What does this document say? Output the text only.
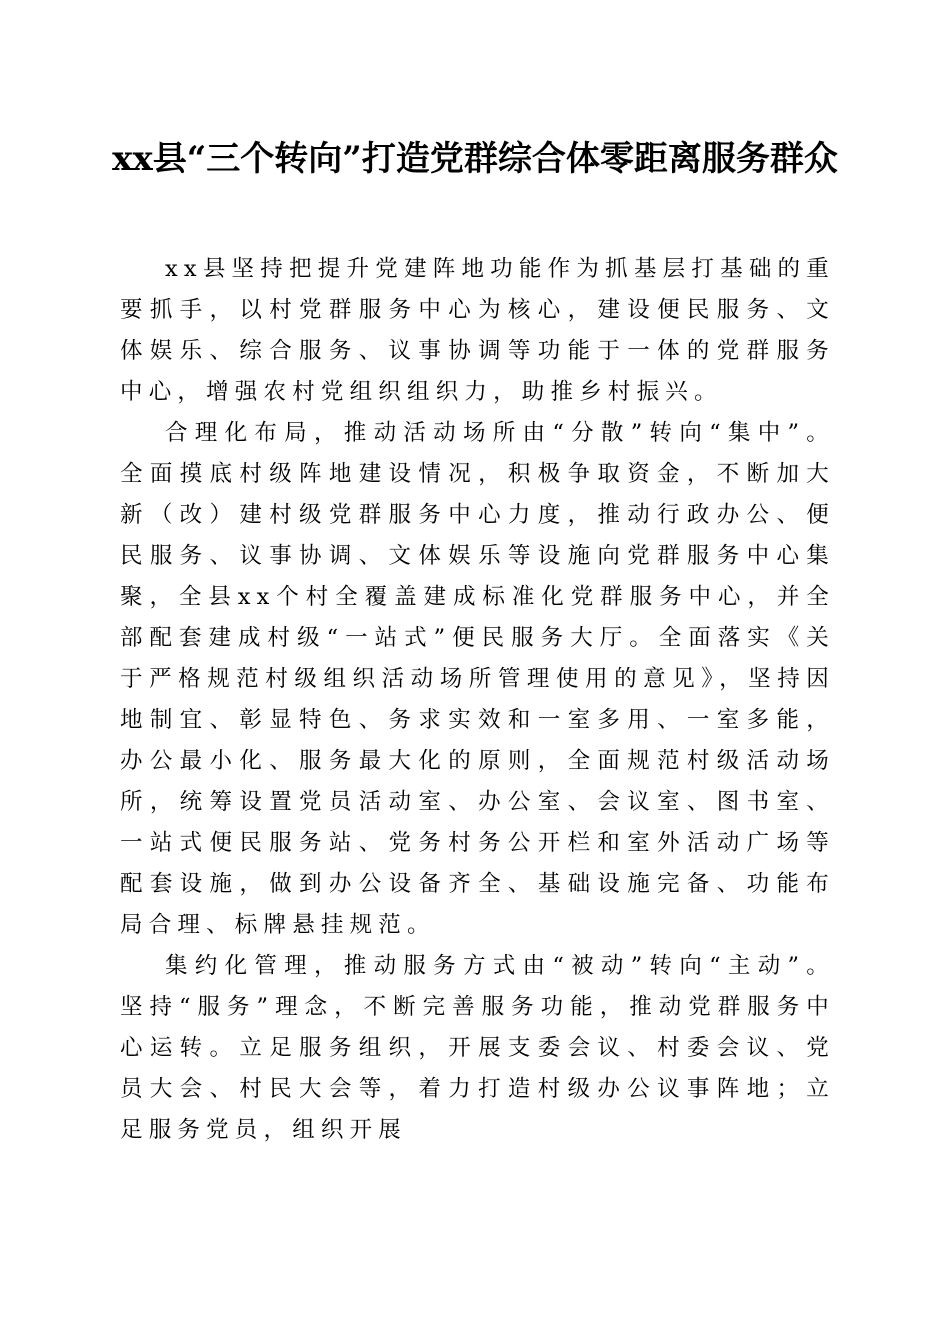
xx县“三个转向”打造党群综合体零距离服务群众

xx县坚持把提升党建阵地功能作为抓基层打基础的重要抓手，以村党群服务中心为核心，建设便民服务、文体娱乐、综合服务、议事协调等功能于一体的党群服务中心，增强农村党组织组织力，助推乡村振兴。

合理化布局，推动活动场所由“分散”转向“集中”。全面摸底村级阵地建设情况，积极争取资金，不断加大新（改）建村级党群服务中心力度，推动行政办公、便民服务、议事协调、文体娱乐等设施向党群服务中心集聚，全县xx个村全覆盖建成标准化党群服务中心，并全部配套建成村级“一站式”便民服务大厅。全面落实《关于严格规范村级组织活动场所管理使用的意见》，坚持因地制宜、彰显特色、务求实效和一室多用、一室多能，办公最小化、服务最大化的原则，全面规范村级活动场所，统筹设置党员活动室、办公室、会议室、图书室、一站式便民服务站、党务村务公开栏和室外活动广场等配套设施，做到办公设备齐全、基础设施完备、功能布局合理、标牌悬挂规范。

集约化管理，推动服务方式由“被动”转向“主动”。坚持“服务”理念，不断完善服务功能，推动党群服务中心运转。立足服务组织，开展支委会议、村委会议、党员大会、村民大会等，着力打造村级办公议事阵地；立足服务党员，组织开展
